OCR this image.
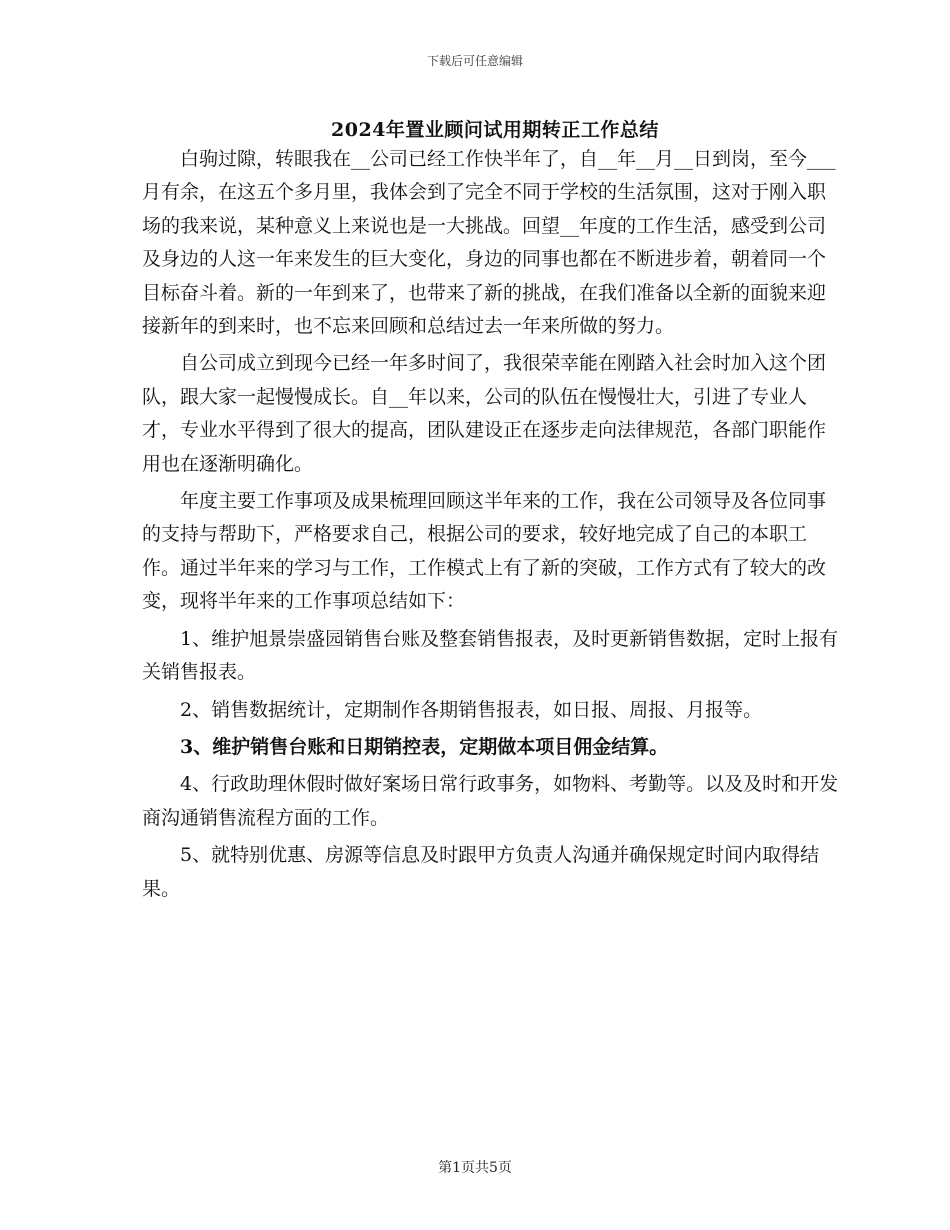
下载后可任意编辑
2024年置业顾问试用期转正工作总结

白驹过隙，转眼我在__公司已经工作快半年了，自__年__月__日到岗，至今___月有余，在这五个多月里，我体会到了完全不同于学校的生活氛围，这对于刚入职场的我来说，某种意义上来说也是一大挑战。回望__年度的工作生活，感受到公司及身边的人这一年来发生的巨大变化，身边的同事也都在不断进步着，朝着同一个目标奋斗着。新的一年到来了，也带来了新的挑战，在我们准备以全新的面貌来迎接新年的到来时，也不忘来回顾和总结过去一年来所做的努力。

自公司成立到现今已经一年多时间了，我很荣幸能在刚踏入社会时加入这个团队，跟大家一起慢慢成长。自__年以来，公司的队伍在慢慢壮大，引进了专业人才，专业水平得到了很大的提高，团队建设正在逐步走向法律规范，各部门职能作用也在逐渐明确化。

年度主要工作事项及成果梳理回顾这半年来的工作，我在公司领导及各位同事的支持与帮助下，严格要求自己，根据公司的要求，较好地完成了自己的本职工作。通过半年来的学习与工作，工作模式上有了新的突破，工作方式有了较大的改变，现将半年来的工作事项总结如下：

1、维护旭景崇盛园销售台账及整套销售报表，及时更新销售数据，定时上报有关销售报表。

2、销售数据统计，定期制作各期销售报表，如日报、周报、月报等。

3、维护销售台账和日期销控表，定期做本项目佣金结算。

4、行政助理休假时做好案场日常行政事务，如物料、考勤等。以及及时和开发商沟通销售流程方面的工作。

5、就特别优惠、房源等信息及时跟甲方负责人沟通并确保规定时间内取得结果。

第1页共5页
